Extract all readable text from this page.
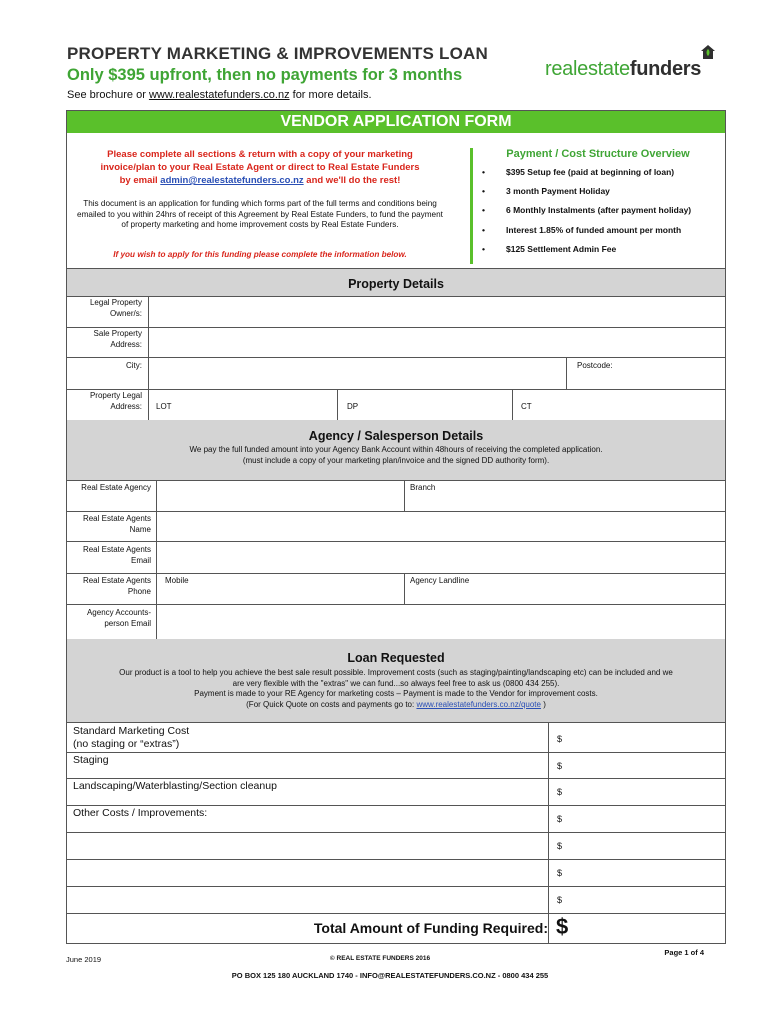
PROPERTY MARKETING & IMPROVEMENTS LOAN
Only $395 upfront, then no payments for 3 months
See brochure or www.realestatefunders.co.nz for more details.
realestatefunders
VENDOR APPLICATION FORM
Please complete all sections & return with a copy of your marketing
invoice/plan to your Real Estate Agent or direct to Real Estate Funders
by email admin@realestatefunders.co.nz and we'll do the rest!
This document is an application for funding which forms part of the full terms and conditions being emailed to you within 24hrs of receipt of this Agreement by Real Estate Funders, to fund the payment of property marketing and home improvement costs by Real Estate Funders.
If you wish to apply for this funding please complete the information below.
Payment / Cost Structure Overview
• $395 Setup fee (paid at beginning of loan)
• 3 month Payment Holiday
• 6 Monthly Instalments (after payment holiday)
• Interest 1.85% of funded amount per month
• $125 Settlement Admin Fee
Property Details
Legal Property Owner/s:
Sale Property Address:
City:	Postcode:
Property Legal Address: LOT	DP	CT
Agency / Salesperson Details
We pay the full funded amount into your Agency Bank Account within 48hours of receiving the completed application.
(must include a copy of your marketing plan/invoice and the signed DD authority form).
Real Estate Agency	Branch
Real Estate Agents Name
Real Estate Agents Email
Real Estate Agents Phone
Mobile	Agency Landline
Agency Accounts-person Email
Loan Requested
Our product is a tool to help you achieve the best sale result possible. Improvement costs (such as staging/painting/landscaping etc) can be included and we
are very flexible with the "extras" we can fund...so always feel free to ask us (0800 434 255).
Payment is made to your RE Agency for marketing costs – Payment is made to the Vendor for improvement costs.
(For Quick Quote on costs and payments go to: www.realestatefunders.co.nz/quote )
Standard Marketing Cost
(no staging or “extras”)	$
Staging	$
Landscaping/Waterblasting/Section cleanup	$
Other Costs / Improvements:	$
$
$
$
Total Amount of Funding Required: $
June 2019	© REAL ESTATE FUNDERS 2016
Page 1 of 4
PO BOX 125 180 AUCKLAND 1740 - INFO@REALESTATEFUNDERS.CO.NZ - 0800 434 255
